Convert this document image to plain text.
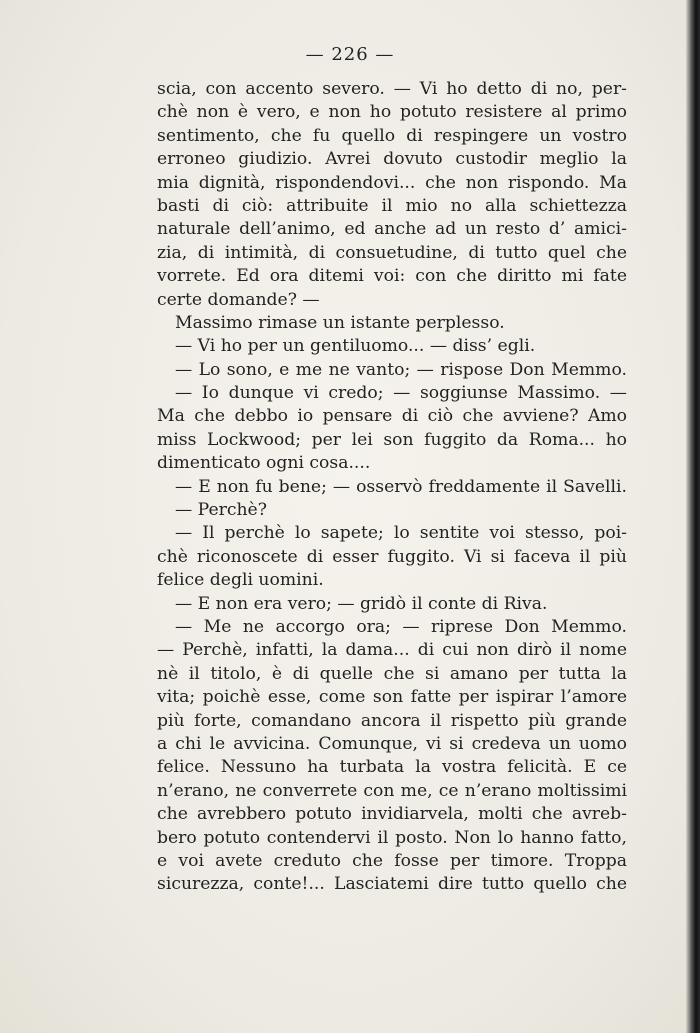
— 226 —
scia, con accento severo. — Vi ho detto di no, per-
chè non è vero, e non ho potuto resistere al primo
sentimento, che fu quello di respingere un vostro
erroneo giudizio. Avrei dovuto custodir meglio la
mia dignità, rispondendovi... che non rispondo. Ma
basti di ciò: attribuite il mio no alla schiettezza
naturale dell’animo, ed anche ad un resto d’ amici-
zia, di intimità, di consuetudine, di tutto quel che
vorrete. Ed ora ditemi voi: con che diritto mi fate
certe domande? —
Massimo rimase un istante perplesso.
— Vi ho per un gentiluomo... — diss’ egli.
— Lo sono, e me ne vanto; — rispose Don Memmo.
— Io dunque vi credo; — soggiunse Massimo. —
Ma che debbo io pensare di ciò che avviene? Amo
miss Lockwood; per lei son fuggito da Roma... ho
dimenticato ogni cosa....
— E non fu bene; — osservò freddamente il Savelli.
— Perchè?
— Il perchè lo sapete; lo sentite voi stesso, poi-
chè riconoscete di esser fuggito. Vi si faceva il più
felice degli uomini.
— E non era vero; — gridò il conte di Riva.
— Me ne accorgo ora; — riprese Don Memmo.
— Perchè, infatti, la dama... di cui non dirò il nome
nè il titolo, è di quelle che si amano per tutta la
vita; poichè esse, come son fatte per ispirar l’amore
più forte, comandano ancora il rispetto più grande
a chi le avvicina. Comunque, vi si credeva un uomo
felice. Nessuno ha turbata la vostra felicità. E ce
n’erano, ne converrete con me, ce n’erano moltissimi
che avrebbero potuto invidiarvela, molti che avreb-
bero potuto contendervi il posto. Non lo hanno fatto,
e voi avete creduto che fosse per timore. Troppa
sicurezza, conte!... Lasciatemi dire tutto quello che
